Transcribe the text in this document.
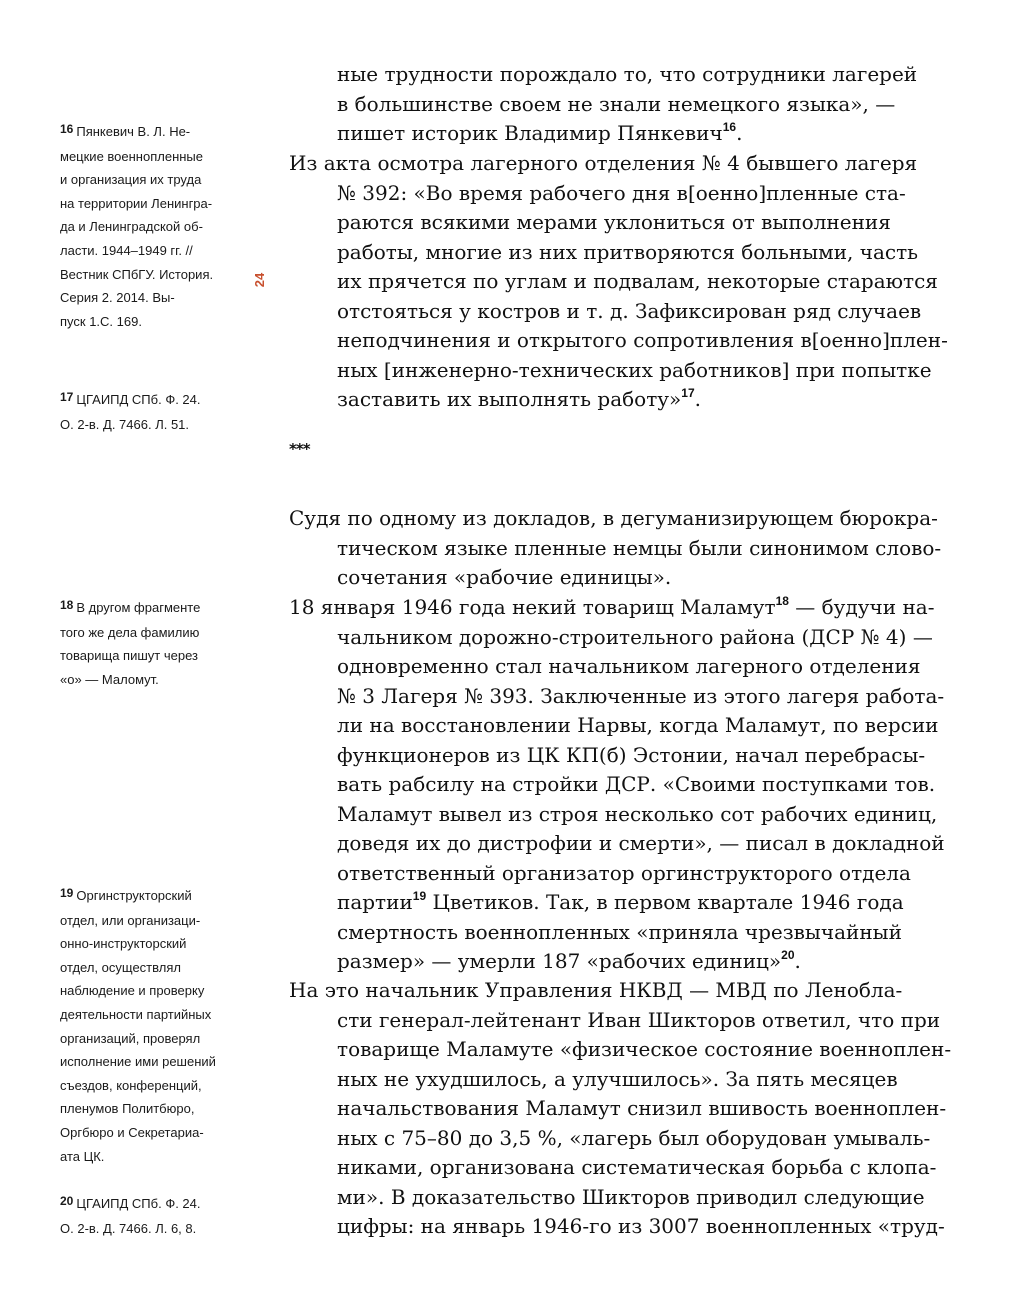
16 Пянкевич В. Л. Не-
мецкие военнопленные
и организация их труда
на территории Ленингра-
да и Ленинградской об-
ласти. 1944–1949 гг. //
Вестник СПбГУ. История.
Серия 2. 2014. Вы-
пуск 1.С. 169.
17 ЦГАИПД СПб. Ф. 24.
О. 2-в. Д. 7466. Л. 51.
18 В другом фрагменте
того же дела фамилию
товарища пишут через
«о» — Маломут.
19 Оргинструкторский
отдел, или организаци-
онно-инструкторский
отдел, осуществлял
наблюдение и проверку
деятельности партийных
организаций, проверял
исполнение ими решений
съездов, конференций,
пленумов Политбюро,
Оргбюро и Секретариа-
ата ЦК.
20 ЦГАИПД СПб. Ф. 24.
О. 2-в. Д. 7466. Л. 6, 8.
24
ные трудности порождало то, что сотрудники лагерей
в большинстве своем не знали немецкого языка», —
пишет историк Владимир Пянкевич$^{16}$.
Из акта осмотра лагерного отделения № 4 бывшего лагеря
№ 392: «Во время рабочего дня в[оенно]пленные ста-
раются всякими мерами уклониться от выполнения
работы, многие из них притворяются больными, часть
их прячется по углам и подвалам, некоторые стараются
отстояться у костров и т. д. Зафиксирован ряд случаев
неподчинения и открытого сопротивления в[оенно]плен-
ных [инженерно-технических работников] при попытке
заставить их выполнять работу»$^{17}$.
***
Судя по одному из докладов, в дегуманизирующем бюрокра-
тическом языке пленные немцы были синонимом слово-
сочетания «рабочие единицы».
18 января 1946 года некий товарищ Маламут$^{18}$ — будучи на-
чальником дорожно-строительного района (ДСР № 4) —
одновременно стал начальником лагерного отделения
№ 3 Лагеря № 393. Заключенные из этого лагеря работа-
ли на восстановлении Нарвы, когда Маламут, по версии
функционеров из ЦК КП(б) Эстонии, начал перебрасы-
вать рабсилу на стройки ДСР. «Своими поступками тов.
Маламут вывел из строя несколько сот рабочих единиц,
доведя их до дистрофии и смерти», — писал в докладной
ответственный организатор оргинструкторого отдела
партии$^{19}$ Цветиков. Так, в первом квартале 1946 года
смертность военнопленных «приняла чрезвычайный
размер» — умерли 187 «рабочих единиц»$^{20}$.
На это начальник Управления НКВД — МВД по Ленобла-
сти генерал-лейтенант Иван Шикторов ответил, что при
товарище Маламуте «физическое состояние военноплен-
ных не ухудшилось, а улучшилось». За пять месяцев
начальствования Маламут снизил вшивость военноплен-
ных с 75–80 до 3,5 %, «лагерь был оборудован умываль-
никами, организована систематическая борьба с клопа-
ми». В доказательство Шикторов приводил следующие
цифры: на январь 1946-го из 3007 военнопленных «труд-
